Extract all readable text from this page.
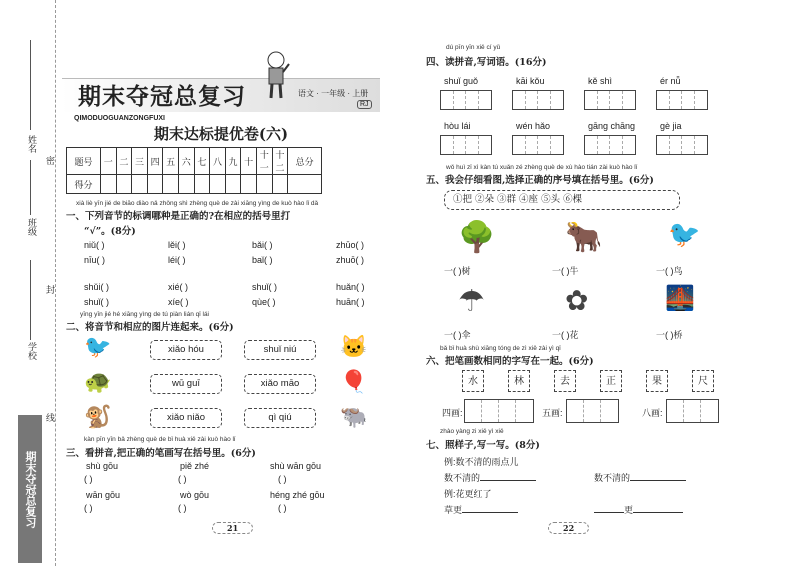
姓名
密
班级
封
学校
线
期末夺冠总复习
期末夺冠总复习	语文 · 一年级 · 上册
RJ
QIMODUOGUANZONGFUXI
期末达标提优卷(六)
题号	一	二	三	四	五	六	七	八	九	十	十一	十二	总分
得分													
xià liè yīn jié de biāo diào nǎ zhǒng shì zhèng què de zài xiāng yìng de kuò hào lǐ dǎ
一、下列音节的标调哪种是正确的?在相应的括号里打
“√”。(8分)
niǔ( )	lěi( )	bǎi( )	zhūo( )
nīu( )	léi( )	baǐ( )	zhuō( )
shǔi( )	xié( )	shuǐ( )	huǎn( )
shuǐ( )	xíe( )	qùe( )	huān( )
yīng yīn jié hé xiāng yìng de tú piàn lián qǐ lái
二、将音节和相应的图片连起来。(6分)
🐦
🐢
🐒
xiǎo hóu	shuǐ niú
wū guī	xiǎo māo
xiǎo niǎo	qì qiú
🐱
🎈
🐃
kàn pīn yīn bǎ zhèng què de bǐ huà xiě zài kuò hào lǐ
三、看拼音,把正确的笔画写在括号里。(6分)
shù gōu	piě zhé	shù wān gōu
( )	( )	( )
wān gōu	wò gōu	héng zhé gōu
( )	( )	( )
21
dú pīn yīn xiě cí yǔ
四、读拼音,写词语。(16分)
shuǐ guǒ	kāi kǒu	kě shì	ér nǚ
hòu lái	wén hǎo	gāng chāng	gè jia
wǒ huì zǐ xì kàn tú xuǎn zé zhèng què de xù hào tián zài kuò hào lǐ
五、我会仔细看图,选择正确的序号填在括号里。(6分)
①把 ②朵 ③群 ④座 ⑤头 ⑥棵
🌳 🐂	🐦
一( )树	一( )牛	一( )鸟
☂	✿	🌉
一( )伞	一( )花	一( )桥
bǎ bǐ huà shù xiāng tóng de zì xiě zài yì qǐ
六、把笔画数相同的字写在一起。(6分)
水	林	去	正	果	尺
四画:	五画:	八画:
zhào yàng zi xiě yì xiě
七、照样子,写一写。(8分)
例:数不清的雨点儿
数不清的	数不清的
例:花更红了
草更	更
22
